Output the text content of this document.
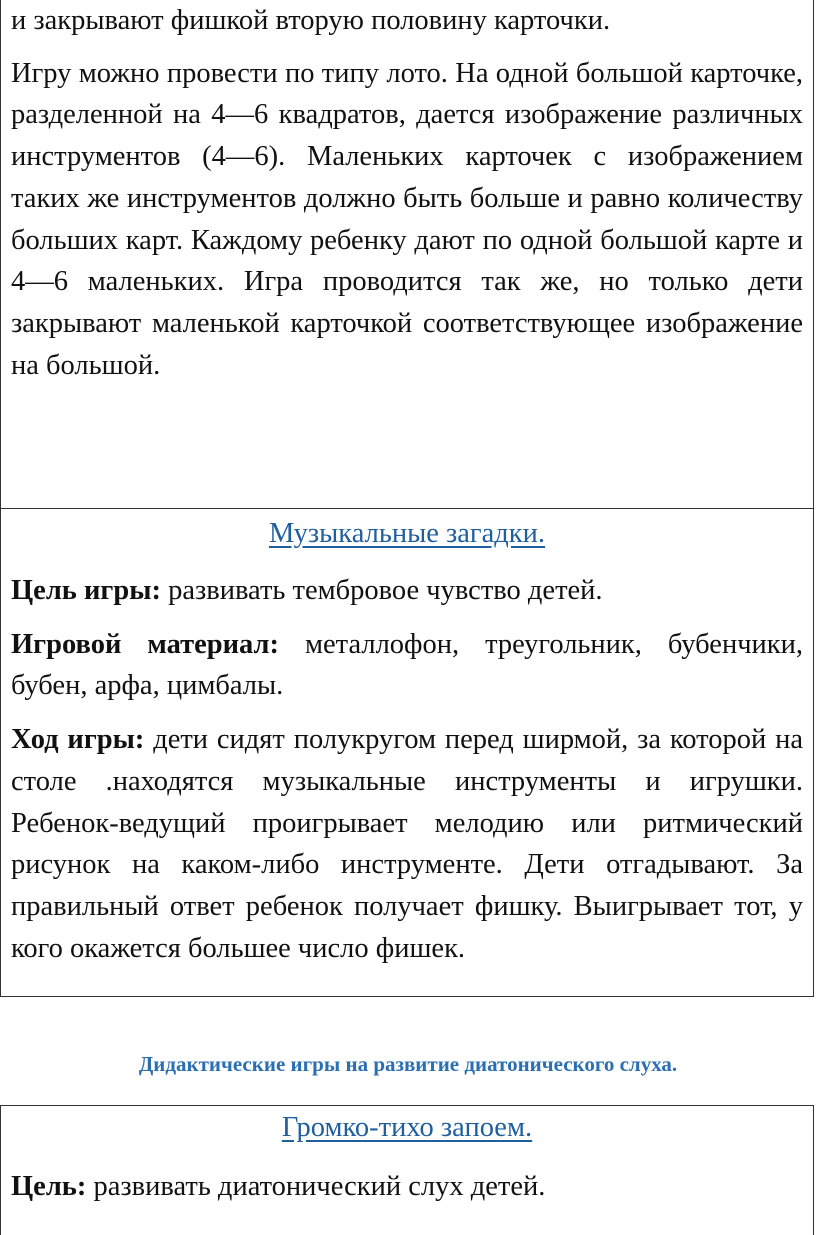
и закрывают фишкой вторую половину карточки.

Игру можно провести по типу лото. На одной большой карточке, разделенной на 4—6 квадратов, дается изображение различных инструментов (4—6). Маленьких карточек с изображением таких же инструментов должно быть больше и равно количеству больших карт. Каждому ребенку дают по одной большой карте и 4—6 маленьких. Игра проводится так же, но только дети закрывают маленькой карточкой соответствующее изображение на большой.

Музыкальные загадки.

Цель игры: развивать тембровое чувство детей.

Игровой материал: металлофон, треугольник, бубенчики, бубен, арфа, цимбалы.

Ход игры: дети сидят полукругом перед ширмой, за которой на столе .находятся музыкальные инструменты и игрушки. Ребенок-ведущий проигрывает мелодию или ритмический рисунок на каком-либо инструменте. Дети отгадывают. За правильный ответ ребенок получает фишку. Выигрывает тот, у кого окажется большее число фишек.

Дидактические игры на развитие диатонического слуха.

Громко-тихо запоем.

Цель: развивать диатонический слух детей.
